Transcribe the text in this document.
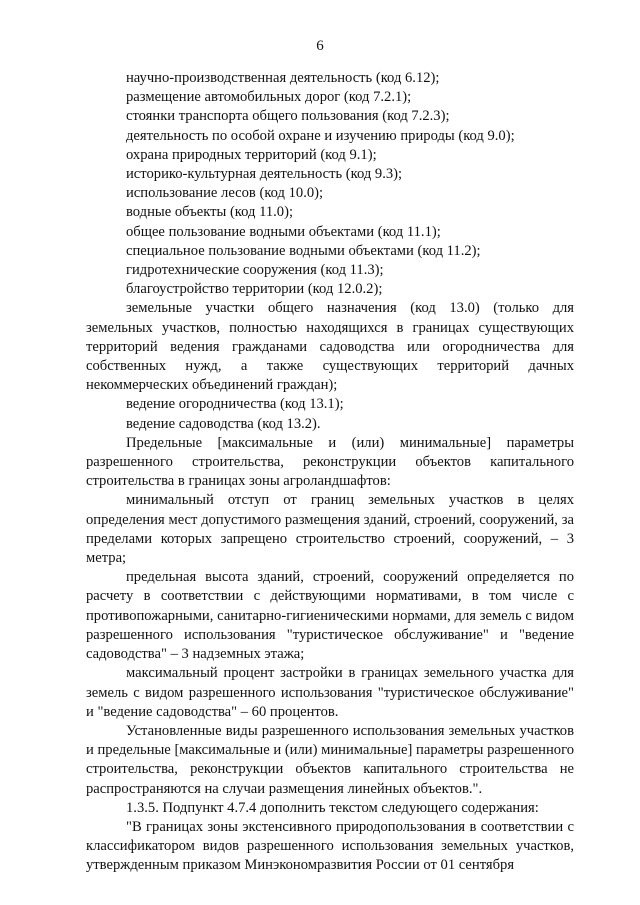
6

научно-производственная деятельность (код 6.12);

размещение автомобильных дорог (код 7.2.1);

стоянки транспорта общего пользования (код 7.2.3);

деятельность по особой охране и изучению природы (код 9.0);

охрана природных территорий (код 9.1);

историко-культурная деятельность (код 9.3);

использование лесов (код 10.0);

водные объекты (код 11.0);

общее пользование водными объектами (код 11.1);

специальное пользование водными объектами (код 11.2);

гидротехнические сооружения (код 11.3);

благоустройство территории (код 12.0.2);

земельные участки общего назначения (код 13.0) (только для земельных участков, полностью находящихся в границах существующих территорий ведения гражданами садоводства или огородничества для собственных нужд, а также существующих территорий дачных некоммерческих объединений граждан);

ведение огородничества (код 13.1);

ведение садоводства (код 13.2).

Предельные [максимальные и (или) минимальные] параметры разрешенного строительства, реконструкции объектов капитального строительства в границах зоны агроландшафтов:

минимальный отступ от границ земельных участков в целях определения мест допустимого размещения зданий, строений, сооружений, за пределами которых запрещено строительство строений, сооружений, – 3 метра;

предельная высота зданий, строений, сооружений определяется по расчету в соответствии с действующими нормативами, в том числе с противопожарными, санитарно-гигиеническими нормами, для земель с видом разрешенного использования "туристическое обслуживание" и "ведение садоводства" – 3 надземных этажа;

максимальный процент застройки в границах земельного участка для земель с видом разрешенного использования "туристическое обслуживание" и "ведение садоводства" – 60 процентов.

Установленные виды разрешенного использования земельных участков и предельные [максимальные и (или) минимальные] параметры разрешенного строительства, реконструкции объектов капитального строительства не распространяются на случаи размещения линейных объектов.".

1.3.5. Подпункт 4.7.4 дополнить текстом следующего содержания:

"В границах зоны экстенсивного природопользования в соответствии с классификатором видов разрешенного использования земельных участков, утвержденным приказом Минэкономразвития России от 01 сентября
